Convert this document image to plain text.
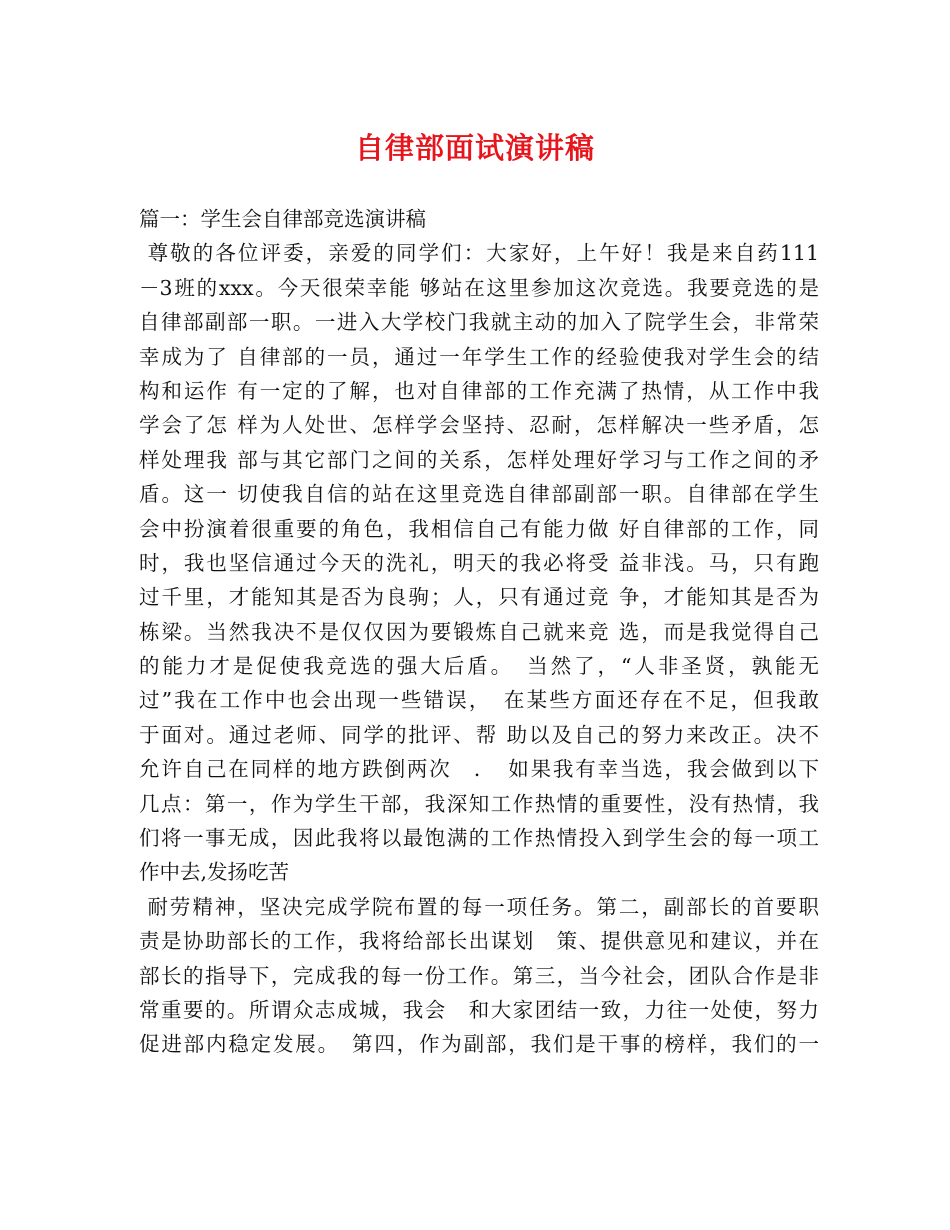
自律部面试演讲稿
篇一：学生会自律部竞选演讲稿
尊敬的各位评委，亲爱的同学们：大家好，上午好！我是来自药111
－3班的xxx。今天很荣幸能 够站在这里参加这次竞选。我要竞选的是
自律部副部一职。一进入大学校门我就主动的加入了院学生会，非常荣
幸成为了 自律部的一员，通过一年学生工作的经验使我对学生会的结
构和运作 有一定的了解，也对自律部的工作充满了热情，从工作中我
学会了怎 样为人处世、怎样学会坚持、忍耐，怎样解决一些矛盾，怎
样处理我 部与其它部门之间的关系，怎样处理好学习与工作之间的矛
盾。这一 切使我自信的站在这里竞选自律部副部一职。自律部在学生
会中扮演着很重要的角色，我相信自己有能力做 好自律部的工作，同
时，我也坚信通过今天的洗礼，明天的我必将受 益非浅。马，只有跑
过千里，才能知其是否为良驹；人，只有通过竞 争，才能知其是否为
栋梁。当然我决不是仅仅因为要锻炼自己就来竞 选，而是我觉得自己
的能力才是促使我竞选的强大后盾。　当然了，“人非圣贤，孰能无
过”我在工作中也会出现一些错误，　在某些方面还存在不足，但我敢
于面对。通过老师、同学的批评、帮 助以及自己的努力来改正。决不
允许自己在同样的地方跌倒两次　．　如果我有幸当选，我会做到以下
几点：第一，作为学生干部，我深知工作热情的重要性，没有热情，我
们将一事无成，因此我将以最饱满的工作热情投入到学生会的每一项工
作中去,发扬吃苦
耐劳精神，坚决完成学院布置的每一项任务。第二，副部长的首要职
责是协助部长的工作，我将给部长出谋划　策、提供意见和建议，并在
部长的指导下，完成我的每一份工作。第三，当今社会，团队合作是非
常重要的。所谓众志成城，我会　和大家团结一致，力往一处使，努力
促进部内稳定发展。　第四，作为副部，我们是干事的榜样，我们的一
